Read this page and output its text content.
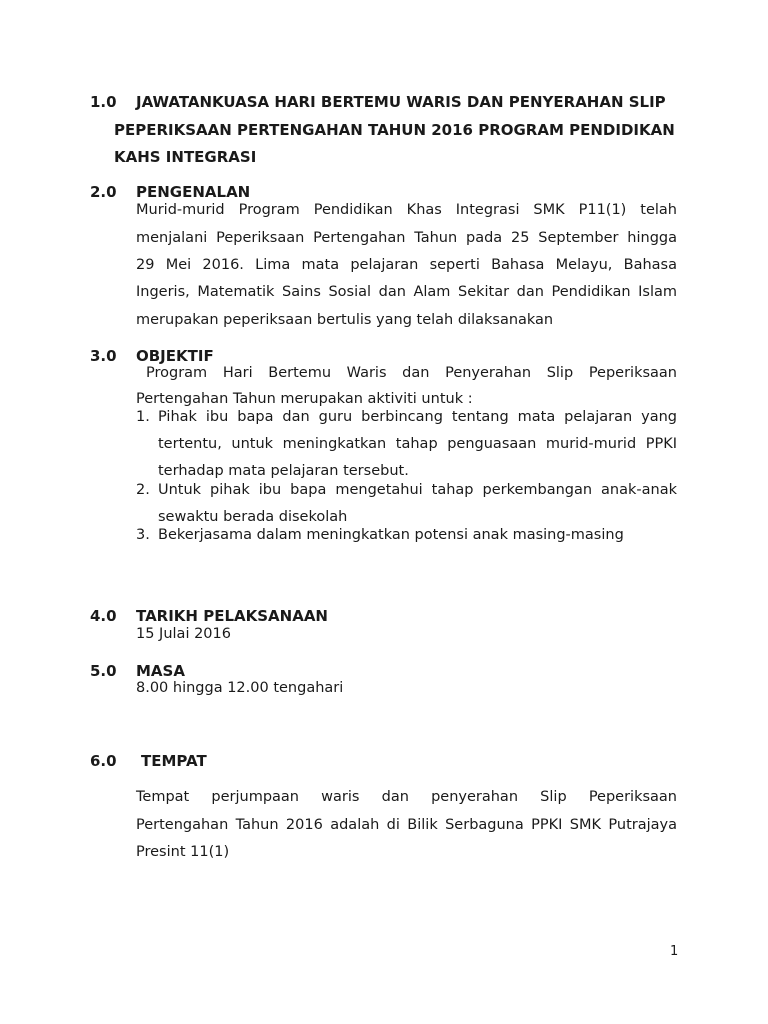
1.0 JAWATANKUASA HARI BERTEMU WARIS DAN PENYERAHAN SLIP
PEPERIKSAAN PERTENGAHAN TAHUN 2016 PROGRAM PENDIDIKAN
KAHS INTEGRASI
2.0 PENGENALAN
Murid-murid Program Pendidikan Khas Integrasi SMK P11(1) telah
menjalani Peperiksaan Pertengahan Tahun pada 25 September hingga
29 Mei 2016. Lima mata pelajaran seperti Bahasa Melayu, Bahasa
Ingeris, Matematik Sains Sosial dan Alam Sekitar dan Pendidikan Islam
merupakan peperiksaan bertulis yang telah dilaksanakan
3.0 OBJEKTIF
Program Hari Bertemu Waris dan Penyerahan Slip Peperiksaan
Pertengahan Tahun merupakan aktiviti untuk :
1. Pihak ibu bapa dan guru berbincang tentang mata pelajaran yang
tertentu, untuk meningkatkan tahap penguasaan murid-murid PPKI
terhadap mata pelajaran tersebut.
2. Untuk pihak ibu bapa mengetahui tahap perkembangan anak-anak
sewaktu berada disekolah
3. Bekerjasama dalam meningkatkan potensi anak masing-masing
4.0 TARIKH PELAKSANAAN
15 Julai 2016
5.0 MASA
8.00 hingga 12.00 tengahari
6.0 TEMPAT
Tempat perjumpaan waris dan penyerahan Slip Peperiksaan
Pertengahan Tahun 2016 adalah di Bilik Serbaguna PPKI SMK Putrajaya
Presint 11(1)
1
